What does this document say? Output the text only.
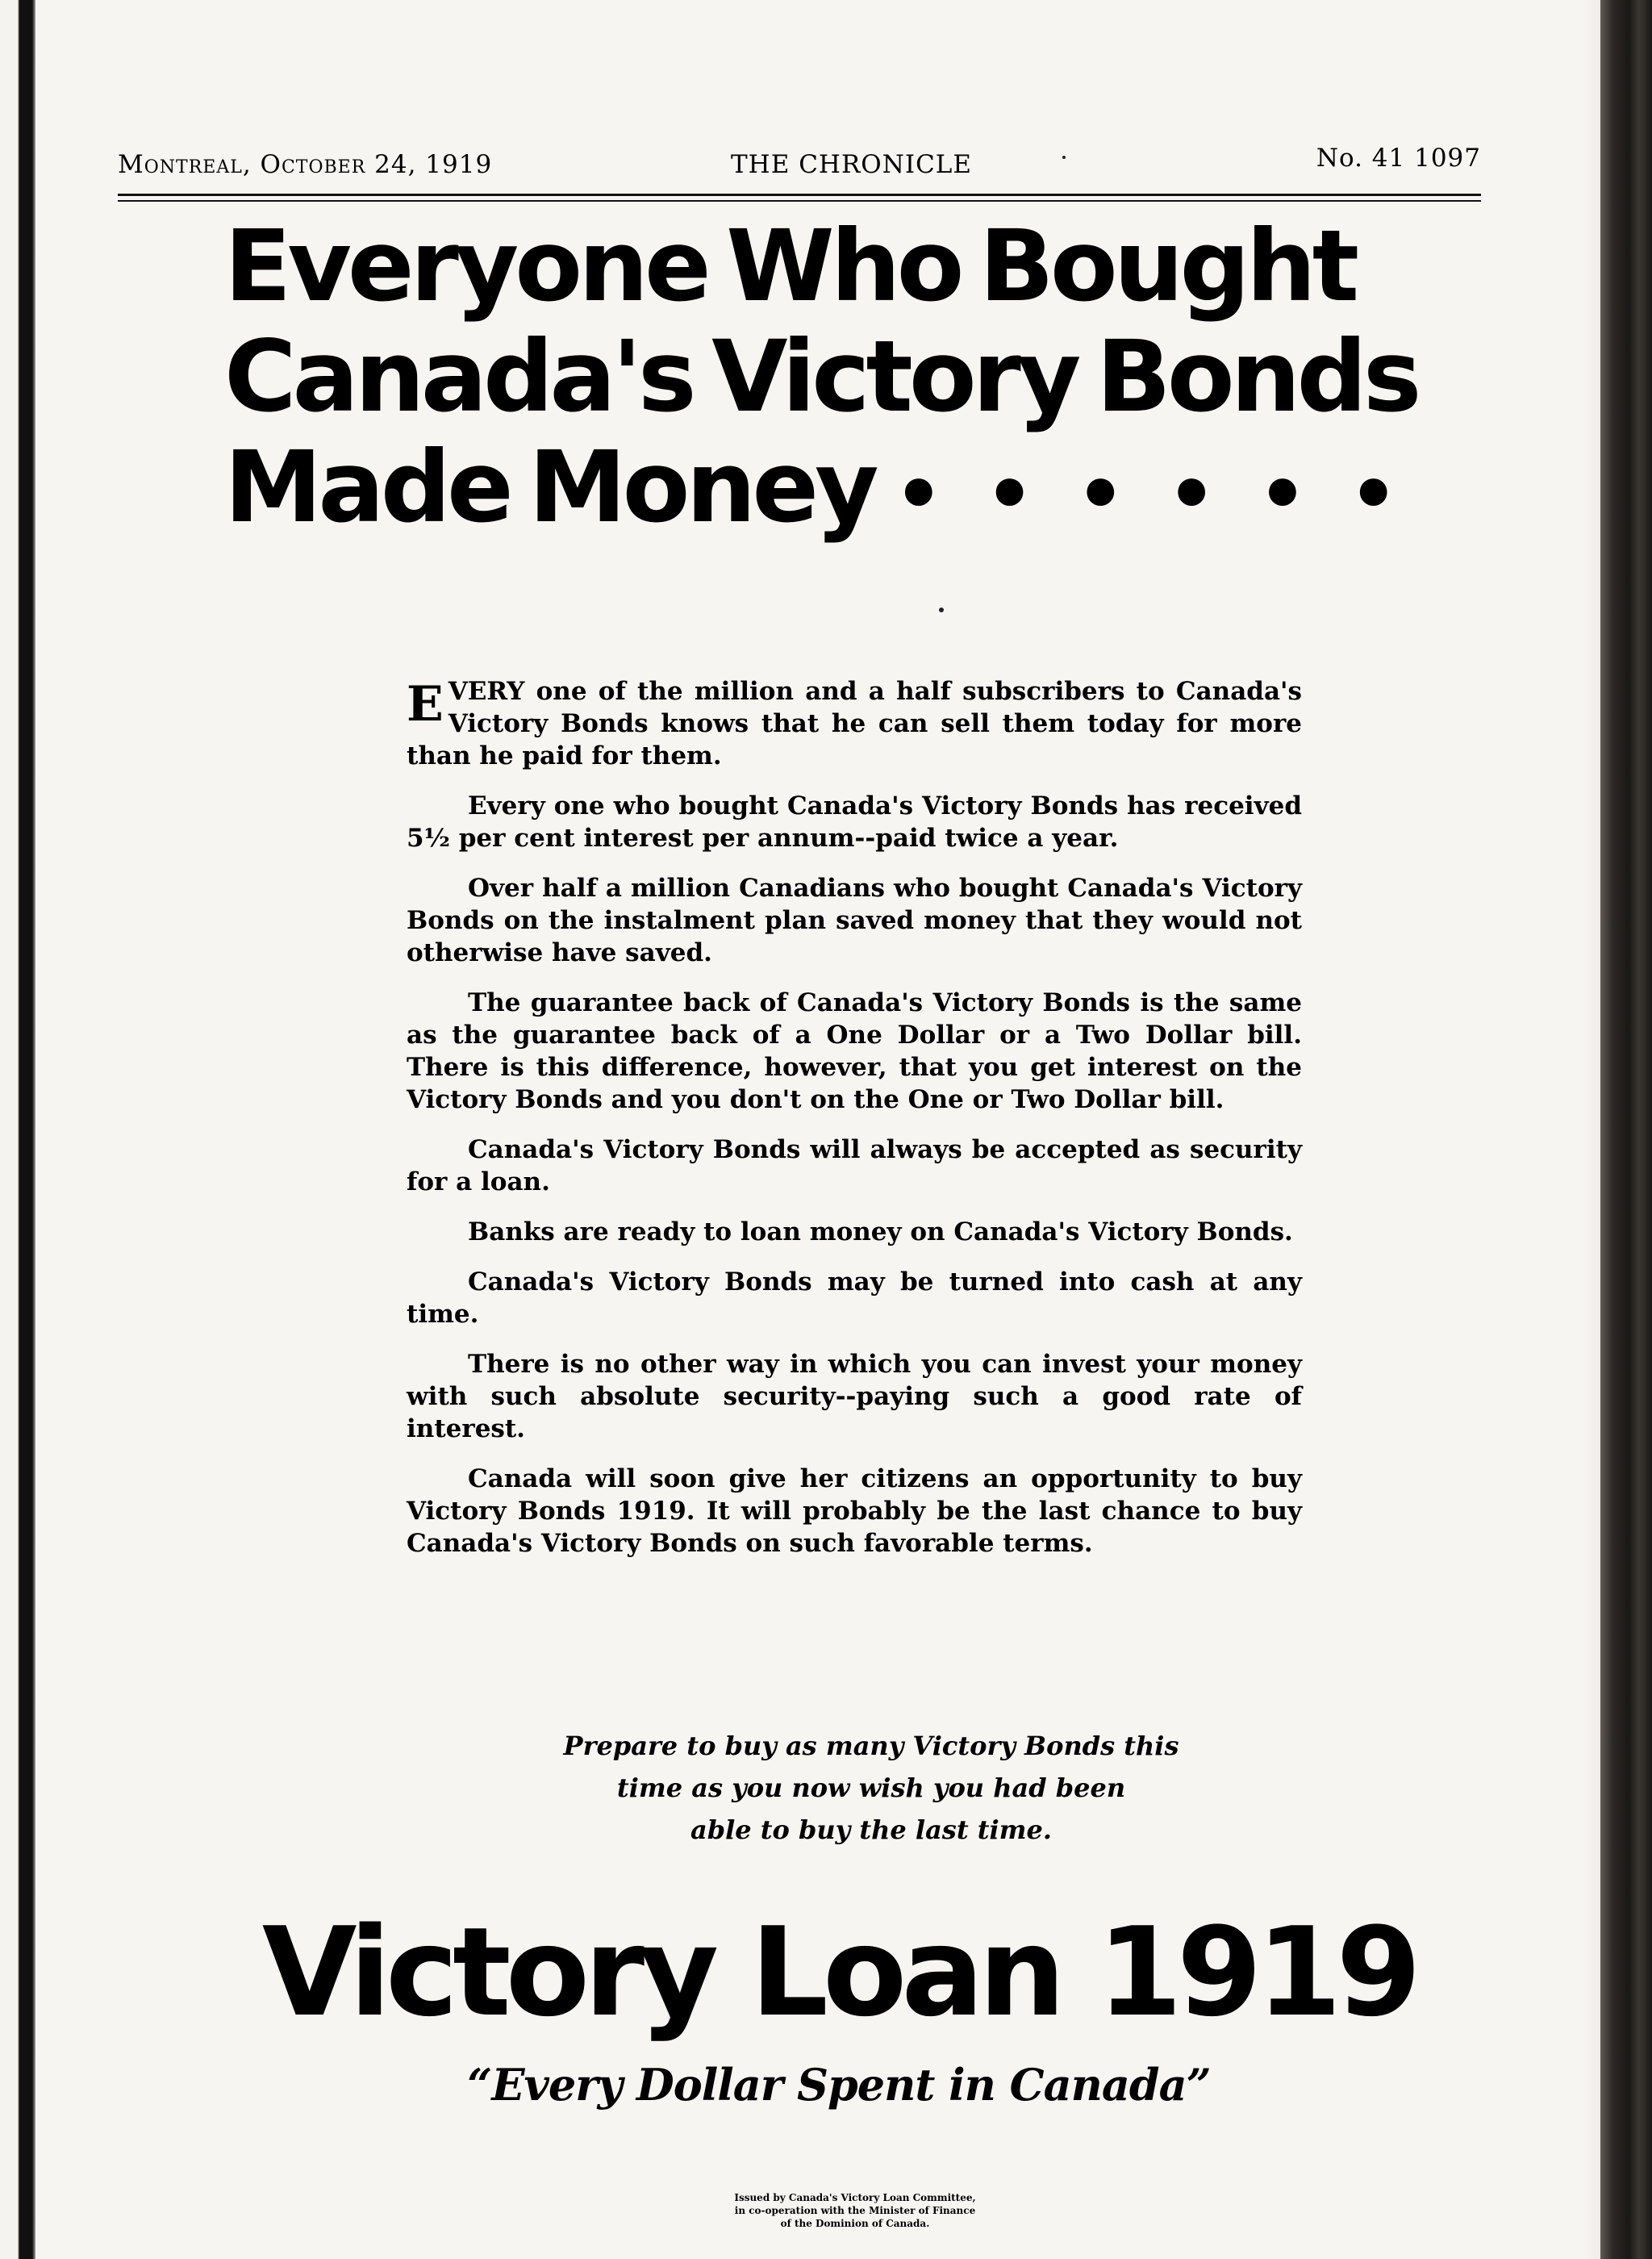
Montreal, October 24, 1919	THE CHRONICLE	No. 41 1097
Everyone Who Bought
Canada's Victory Bonds
Made Money • • • • • •

EVERY one of the million and a half subscribers to Canada's Victory Bonds knows that he can sell them today for more than he paid for them.

Every one who bought Canada's Victory Bonds has received 5½ per cent interest per annum--paid twice a year.

Over half a million Canadians who bought Canada's Victory Bonds on the instalment plan saved money that they would not otherwise have saved.

The guarantee back of Canada's Victory Bonds is the same as the guarantee back of a One Dollar or a Two Dollar bill. There is this difference, however, that you get interest on the Victory Bonds and you don't on the One or Two Dollar bill.

Canada's Victory Bonds will always be accepted as security for a loan.

Banks are ready to loan money on Canada's Victory Bonds.

Canada's Victory Bonds may be turned into cash at any time.

There is no other way in which you can invest your money with such absolute security--paying such a good rate of interest.

Canada will soon give her citizens an opportunity to buy Victory Bonds 1919. It will probably be the last chance to buy Canada's Victory Bonds on such favorable terms.

Prepare to buy as many Victory Bonds this
time as you now wish you had been
able to buy the last time.
Victory Loan 1919
“Every Dollar Spent in Canada”
Issued by Canada's Victory Loan Committee,
in co-operation with the Minister of Finance
of the Dominion of Canada.
